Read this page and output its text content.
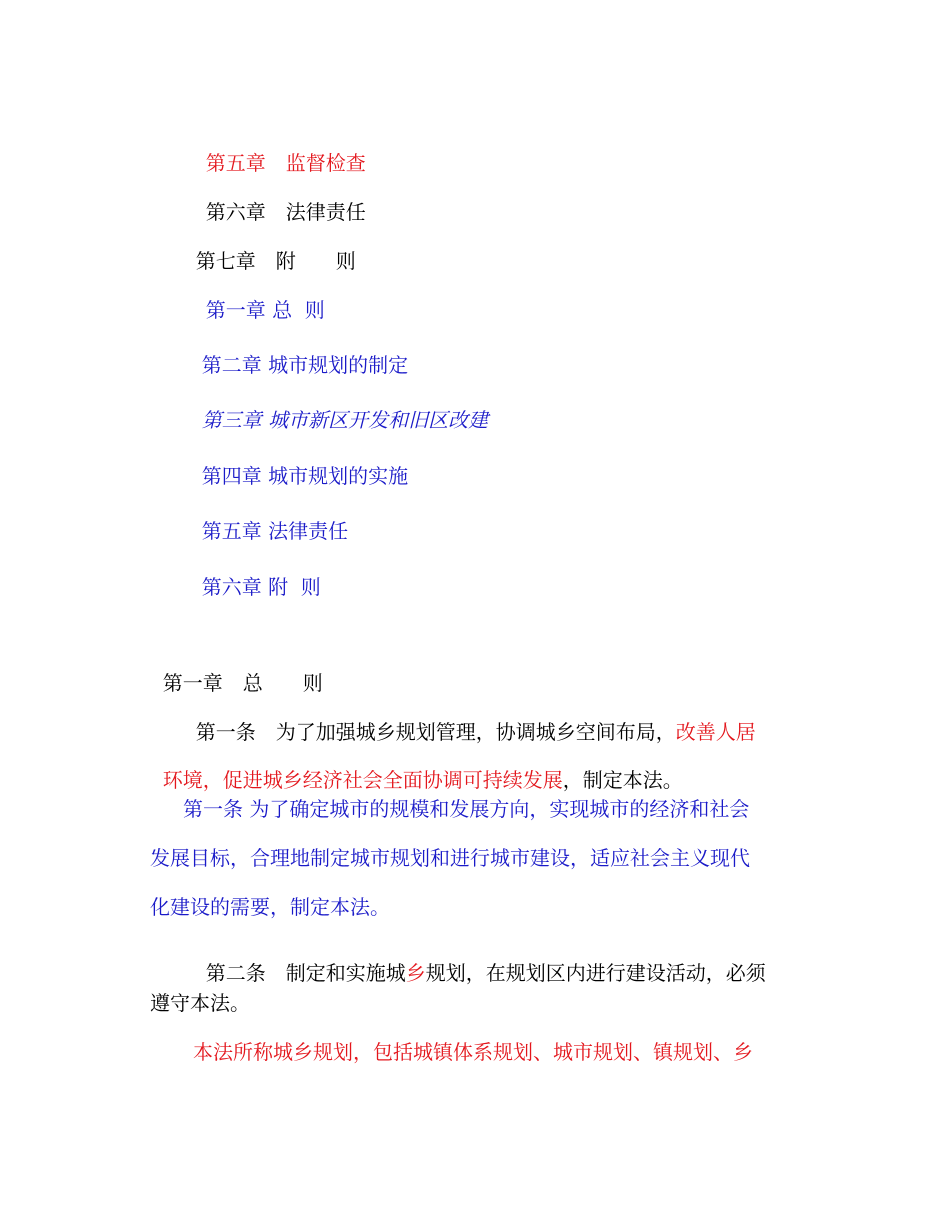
第五章　 监督检查

第六章　 法律责任

第七章　 附　　则

第一章 总  则

第二章 城市规划的制定

第三章 城市新区开发和旧区改建

第四章 城市规划的实施

第五章 法律责任

第六章 附  则

第一章　 总　　则

第一条　 为了加强城乡规划管理，协调城乡空间布局，改善人居

环境，促进城乡经济社会全面协调可持续发展，制定本法。

第一条 为了确定城市的规模和发展方向，实现城市的经济和社会
发展目标，合理地制定城市规划和进行城市建设，适应社会主义现代
化建设的需要，制定本法。

第二条　 制定和实施城乡规划，在规划区内进行建设活动，必须

遵守本法。
本法所称城乡规划，包括城镇体系规划、城市规划、镇规划、乡
